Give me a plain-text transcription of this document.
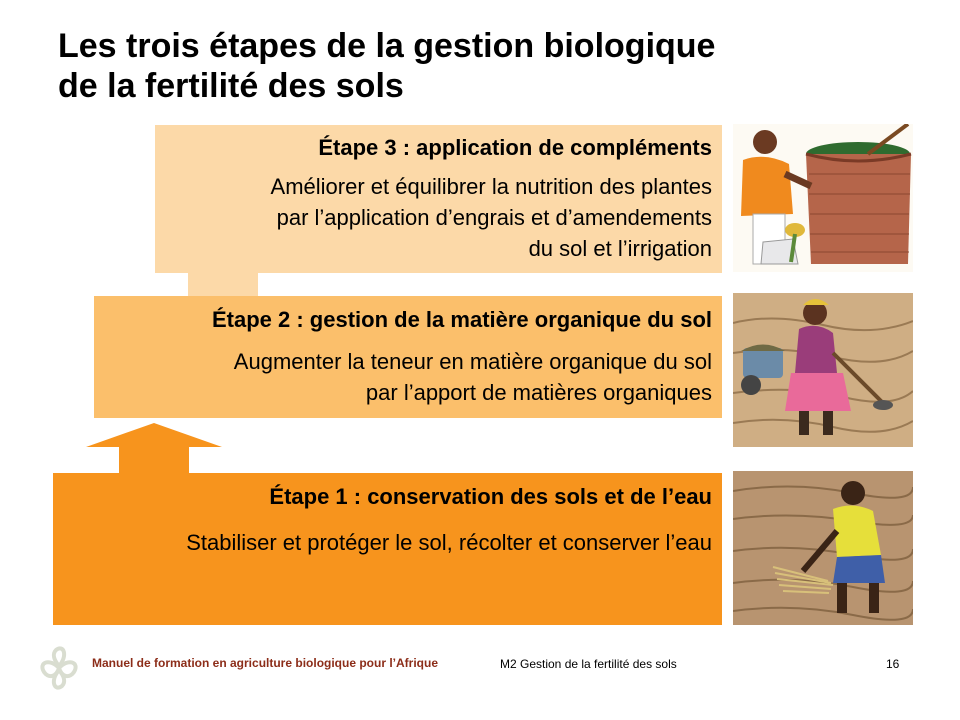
Les trois étapes de la gestion biologique
de la fertilité des sols
Étape 3 : application de compléments
Améliorer et équilibrer la nutrition des plantes
par l’application d’engrais et d’amendements
du sol et l’irrigation
Étape 2 : gestion de la matière organique du sol
Augmenter la teneur en matière organique du sol
par l’apport de matières organiques
Étape 1 : conservation des sols et de l’eau
Stabiliser et protéger le sol, récolter et conserver l’eau
Manuel de formation en agriculture biologique pour l’Afrique	M2 Gestion de la fertilité des sols	16
